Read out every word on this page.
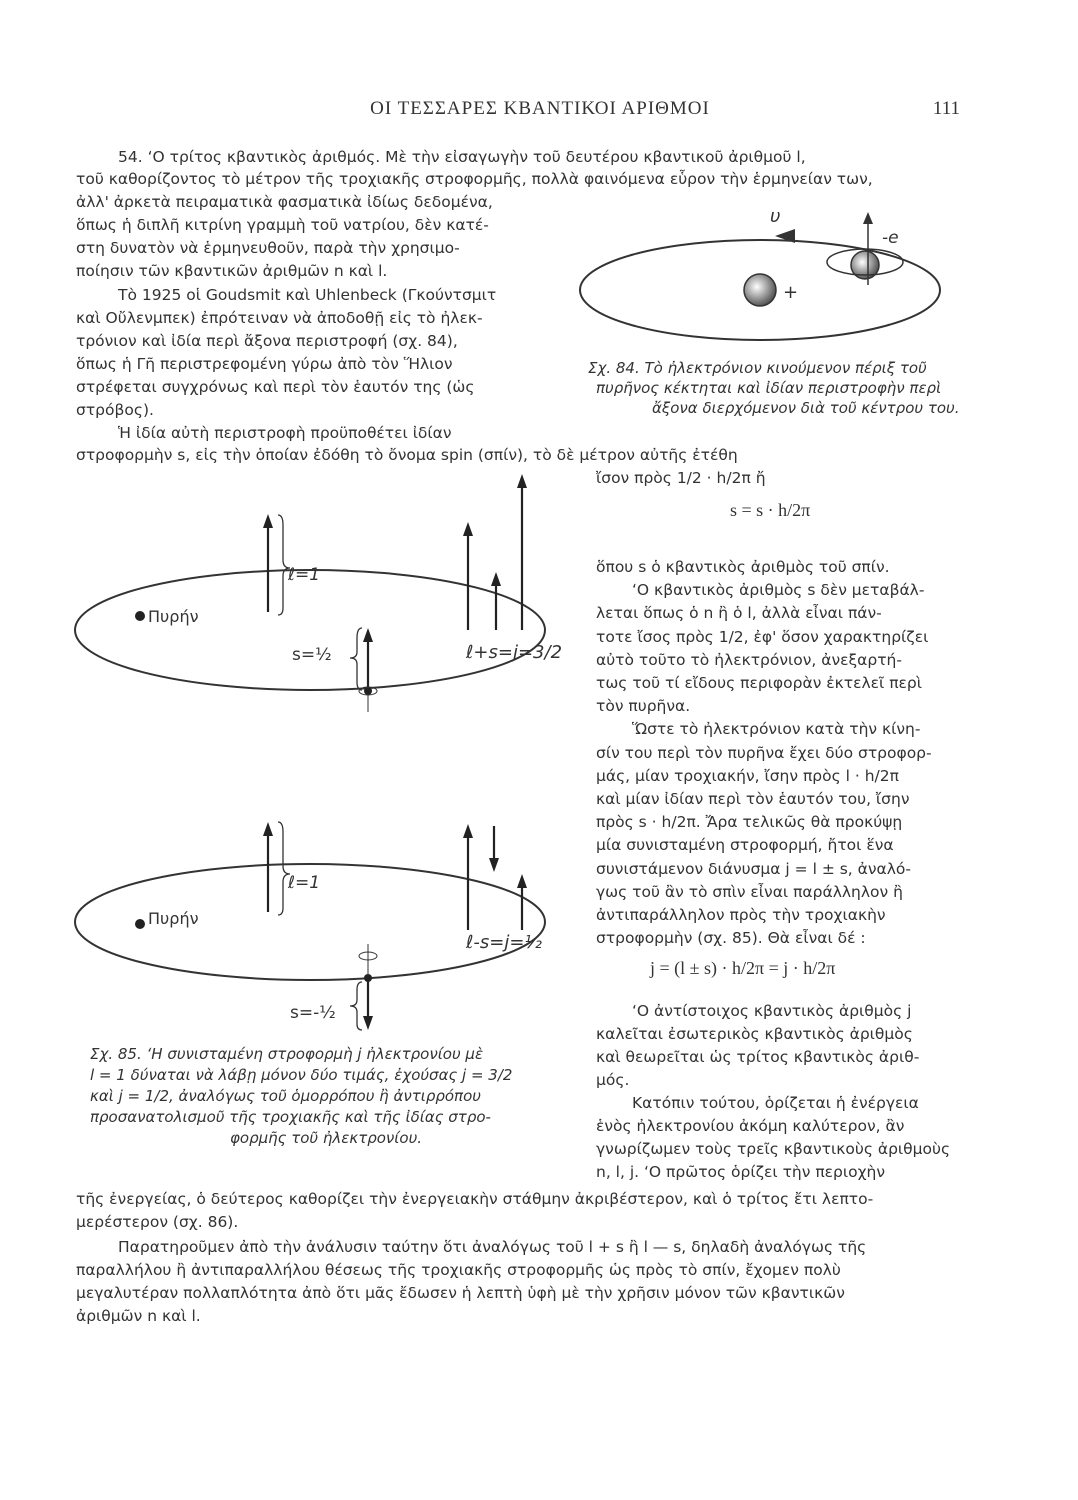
ΟΙ ΤΕΣΣΑΡΕΣ ΚΒΑΝΤΙΚΟΙ ΑΡΙΘΜΟΙ	111

54. ʻΟ τρίτος κβαντικὸς ἀριθμός. Μὲ τὴν εἰσαγωγὴν τοῦ δευτέρου κβαντικοῦ ἀριθμοῦ l,

τοῦ καθορίζοντος τὸ μέτρον τῆς τροχιακῆς στροφορμῆς, πολλὰ φαινόμενα εὗρον τὴν ἑρμηνείαν των,

ἀλλ' ἀρκετὰ πειραματικὰ φασματικὰ ἰδίως δεδομένα,

ὅπως ἡ διπλῆ κιτρίνη γραμμὴ τοῦ νατρίου, δὲν κατέ-

στη δυνατὸν νὰ ἑρμηνευθοῦν, παρὰ τὴν χρησιμο-

ποίησιν τῶν κβαντικῶν ἀριθμῶν n καὶ l.

Τὸ 1925 οἱ Goudsmit καὶ Uhlenbeck (Γκούντσμιτ

καὶ Οὔλενμπεκ) ἐπρότειναν νὰ ἀποδοθῇ εἰς τὸ ἠλεκ-

τρόνιον καὶ ἰδία περὶ ἄξονα περιστροφή (σχ. 84),

ὅπως ἡ Γῆ περιστρεφομένη γύρω ἀπὸ τὸν Ἥλιον

στρέφεται συγχρόνως καὶ περὶ τὸν ἑαυτόν της (ὡς

στρόβος).

Ἡ ἰδία αὐτὴ περιστροφὴ προϋποθέτει ἰδίαν

στροφορμὴν s, εἰς τὴν ὁποίαν ἐδόθη τὸ ὄνομα spin (σπίν), τὸ δὲ μέτρον αὐτῆς ἐτέθη

ἴσον πρὸς 1/2 · h/2π ἤ

s = s · h/2π

ὅπου s ὁ κβαντικὸς ἀριθμὸς τοῦ σπίν.

ʻΟ κβαντικὸς ἀριθμὸς s δὲν μεταβάλ-

λεται ὅπως ὁ n ἢ ὁ l, ἀλλὰ εἶναι πάν-

τοτε ἴσος πρὸς 1/2, ἐφ' ὅσον χαρακτηρίζει

αὐτὸ τοῦτο τὸ ἠλεκτρόνιον, ἀνεξαρτή-

τως τοῦ τί εἴδους περιφορὰν ἐκτελεῖ περὶ

τὸν πυρῆνα.

Ὥστε τὸ ἠλεκτρόνιον κατὰ τὴν κίνη-

σίν του περὶ τὸν πυρῆνα ἔχει δύο στροφορ-

μάς, μίαν τροχιακήν, ἴσην πρὸς l · h/2π

καὶ μίαν ἰδίαν περὶ τὸν ἑαυτόν του, ἴσην

πρὸς s · h/2π. Ἄρα τελικῶς θὰ προκύψῃ

μία συνισταμένη στροφορμή, ἤτοι ἕνα

συνιστάμενον διάνυσμα j = l ± s, ἀναλό-

γως τοῦ ἂν τὸ σπὶν εἶναι παράλληλον ἢ

ἀντιπαράλληλον πρὸς τὴν τροχιακὴν

στροφορμὴν (σχ. 85). Θὰ εἶναι δέ :

j = (l ± s) · h/2π = j · h/2π

ʻΟ ἀντίστοιχος κβαντικὸς ἀριθμὸς j

καλεῖται ἐσωτερικὸς κβαντικὸς ἀριθμὸς

καὶ θεωρεῖται ὡς τρίτος κβαντικὸς ἀριθ-

μός.

Κατόπιν τούτου, ὁρίζεται ἡ ἐνέργεια

ἑνὸς ἠλεκτρονίου ἀκόμη καλύτερον, ἂν

γνωρίζωμεν τοὺς τρεῖς κβαντικοὺς ἀριθμοὺς

n, l, j. ʻΟ πρῶτος ὁρίζει τὴν περιοχὴν

τῆς ἐνεργείας, ὁ δεύτερος καθορίζει τὴν ἐνεργειακὴν στάθμην ἀκριβέστερον, καὶ ὁ τρίτος ἔτι λεπτο-

μερέστερον (σχ. 86).

Παρατηροῦμεν ἀπὸ τὴν ἀνάλυσιν ταύτην ὅτι ἀναλόγως τοῦ l + s ἢ l — s, δηλαδὴ ἀναλόγως τῆς

παραλλήλου ἢ ἀντιπαραλλήλου θέσεως τῆς τροχιακῆς στροφορμῆς ὡς πρὸς τὸ σπίν, ἔχομεν πολὺ

μεγαλυτέραν πολλαπλότητα ἀπὸ ὅτι μᾶς ἔδωσεν ἡ λεπτὴ ὑφὴ μὲ τὴν χρῆσιν μόνον τῶν κβαντικῶν

ἀριθμῶν n καὶ l.

υ
-e
+
Σχ. 84. Τὸ ἠλεκτρόνιον κινούμενον πέριξ τοῦ
πυρῆνος κέκτηται καὶ ἰδίαν περιστροφὴν περὶ
ἄξονα διερχόμενον διὰ τοῦ κέντρου του.
Πυρήν
ℓ=1
s=½	ℓ+s=j=3/2
Πυρήν
ℓ=1
s=-½
ℓ-s=j=½
Σχ. 85. ʻΗ συνισταμένη στροφορμὴ j ἠλεκτρονίου μὲ
l = 1 δύναται νὰ λάβῃ μόνον δύο τιμάς, ἐχούσας j = 3/2
καὶ j = 1/2, ἀναλόγως τοῦ ὁμορρόπου ἢ ἀντιρρόπου
προσανατολισμοῦ τῆς τροχιακῆς καὶ τῆς ἰδίας στρο-
φορμῆς τοῦ ἠλεκτρονίου.
